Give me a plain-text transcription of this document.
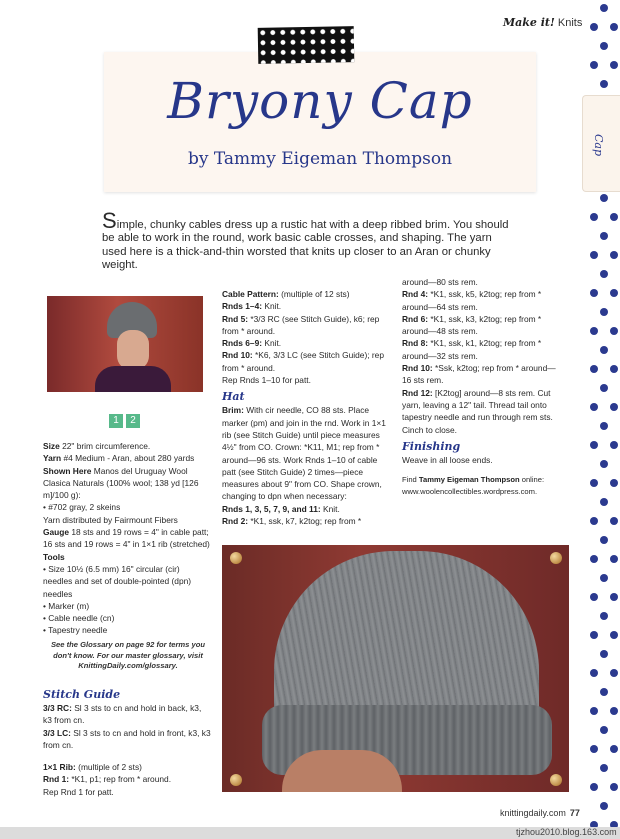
Cap
Make it! Knits
Bryony Cap
by Tammy Eigeman Thompson
Simple, chunky cables dress up a rustic hat with a deep ribbed brim. You should be able to work in the round, work basic cable crosses, and shaping. The yarn used here is a thick-and-thin worsted that knits up closer to an Aran or chunky weight.
1 2

Size 22" brim circumference.

Yarn #4 Medium - Aran, about 280 yards

Shown Here Manos del Uruguay Wool Clasica Naturals (100% wool; 138 yd [126 m]/100 g):

• #702 gray, 2 skeins

Yarn distributed by Fairmount Fibers

Gauge 18 sts and 19 rows = 4" in cable patt; 16 sts and 19 rows = 4" in 1×1 rib (stretched)

Tools

• Size 10½ (6.5 mm) 16" circular (cir) needles and set of double-pointed (dpn) needles

• Marker (m)

• Cable needle (cn)

• Tapestry needle

See the Glossary on page 92 for terms you don't know. For our master glossary, visit KnittingDaily.com/glossary.

Stitch Guide

3/3 RC: Sl 3 sts to cn and hold in back, k3, k3 from cn.

3/3 LC: Sl 3 sts to cn and hold in front, k3, k3 from cn.

1×1 Rib: (multiple of 2 sts)

Rnd 1: *K1, p1; rep from * around.

Rep Rnd 1 for patt.

Cable Pattern: (multiple of 12 sts)

Rnds 1–4: Knit.

Rnd 5: *3/3 RC (see Stitch Guide), k6; rep from * around.

Rnds 6–9: Knit.

Rnd 10: *K6, 3/3 LC (see Stitch Guide); rep from * around.

Rep Rnds 1–10 for patt.

Hat

Brim: With cir needle, CO 88 sts. Place marker (pm) and join in the rnd. Work in 1×1 rib (see Stitch Guide) until piece measures 4½" from CO. Crown: *K11, M1; rep from * around—96 sts. Work Rnds 1–10 of cable patt (see Stitch Guide) 2 times—piece measures about 9" from CO. Shape crown, changing to dpn when necessary:

Rnds 1, 3, 5, 7, 9, and 11: Knit.

Rnd 2: *K1, ssk, k7, k2tog; rep from *

around—80 sts rem.

Rnd 4: *K1, ssk, k5, k2tog; rep from * around—64 sts rem.

Rnd 6: *K1, ssk, k3, k2tog; rep from * around—48 sts rem.

Rnd 8: *K1, ssk, k1, k2tog; rep from * around—32 sts rem.

Rnd 10: *Ssk, k2tog; rep from * around—16 sts rem.

Rnd 12: [K2tog] around—8 sts rem. Cut yarn, leaving a 12" tail. Thread tail onto tapestry needle and run through rem sts. Cinch to close.

Finishing

Weave in all loose ends.

Find Tammy Eigeman Thompson online:

www.woolencollectibles.wordpress.com.

knittingdaily.com 77
tjzhou2010.blog.163.com
